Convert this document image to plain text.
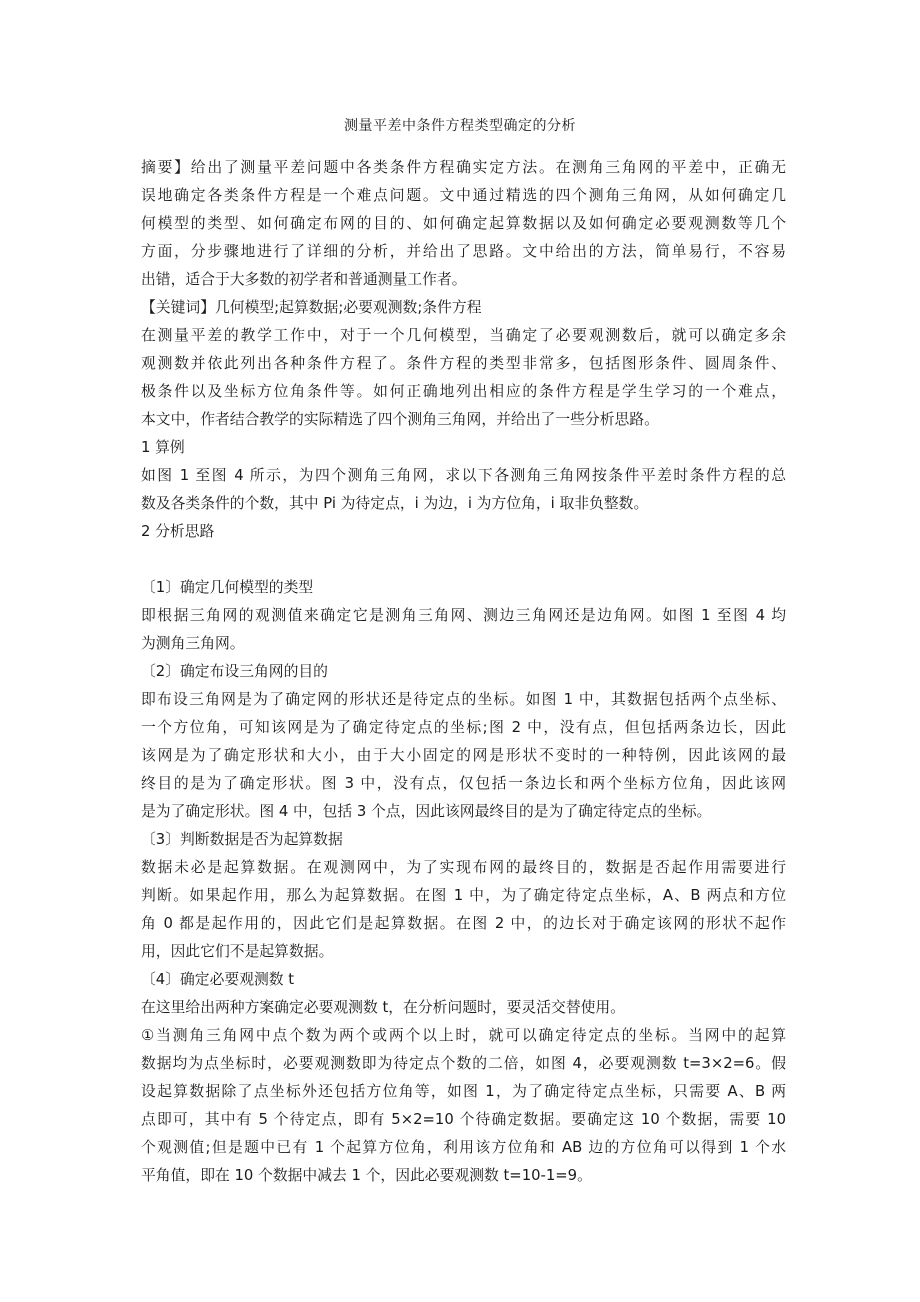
测量平差中条件方程类型确定的分析

摘要】给出了测量平差问题中各类条件方程确实定方法。在测角三角网的平差中，正确无

误地确定各类条件方程是一个难点问题。文中通过精选的四个测角三角网，从如何确定几

何模型的类型、如何确定布网的目的、如何确定起算数据以及如何确定必要观测数等几个

方面，分步骤地进行了详细的分析，并给出了思路。文中给出的方法，简单易行，不容易

出错，适合于大多数的初学者和普通测量工作者。

【关键词】几何模型;起算数据;必要观测数;条件方程

在测量平差的教学工作中，对于一个几何模型，当确定了必要观测数后，就可以确定多余

观测数并依此列出各种条件方程了。条件方程的类型非常多，包括图形条件、圆周条件、

极条件以及坐标方位角条件等。如何正确地列出相应的条件方程是学生学习的一个难点，

本文中，作者结合教学的实际精选了四个测角三角网，并给出了一些分析思路。

1 算例

如图 1 至图 4 所示，为四个测角三角网，求以下各测角三角网按条件平差时条件方程的总

数及各类条件的个数，其中 Pi 为待定点，i 为边，i 为方位角，i 取非负整数。

2 分析思路

〔1〕确定几何模型的类型

即根据三角网的观测值来确定它是测角三角网、测边三角网还是边角网。如图 1 至图 4 均

为测角三角网。

〔2〕确定布设三角网的目的

即布设三角网是为了确定网的形状还是待定点的坐标。如图 1 中，其数据包括两个点坐标、

一个方位角，可知该网是为了确定待定点的坐标;图 2 中，没有点，但包括两条边长，因此

该网是为了确定形状和大小，由于大小固定的网是形状不变时的一种特例，因此该网的最

终目的是为了确定形状。图 3 中，没有点，仅包括一条边长和两个坐标方位角，因此该网

是为了确定形状。图 4 中，包括 3 个点，因此该网最终目的是为了确定待定点的坐标。

〔3〕判断数据是否为起算数据

数据未必是起算数据。在观测网中，为了实现布网的最终目的，数据是否起作用需要进行

判断。如果起作用，那么为起算数据。在图 1 中，为了确定待定点坐标，A、B 两点和方位

角 0 都是起作用的，因此它们是起算数据。在图 2 中，的边长对于确定该网的形状不起作

用，因此它们不是起算数据。

〔4〕确定必要观测数 t

在这里给出两种方案确定必要观测数 t，在分析问题时，要灵活交替使用。

①当测角三角网中点个数为两个或两个以上时，就可以确定待定点的坐标。当网中的起算

数据均为点坐标时，必要观测数即为待定点个数的二倍，如图 4，必要观测数 t=3×2=6。假

设起算数据除了点坐标外还包括方位角等，如图 1，为了确定待定点坐标，只需要 A、B 两

点即可，其中有 5 个待定点，即有 5×2=10 个待确定数据。要确定这 10 个数据，需要 10

个观测值;但是题中已有 1 个起算方位角，利用该方位角和 AB 边的方位角可以得到 1 个水

平角值，即在 10 个数据中减去 1 个，因此必要观测数 t=10-1=9。
